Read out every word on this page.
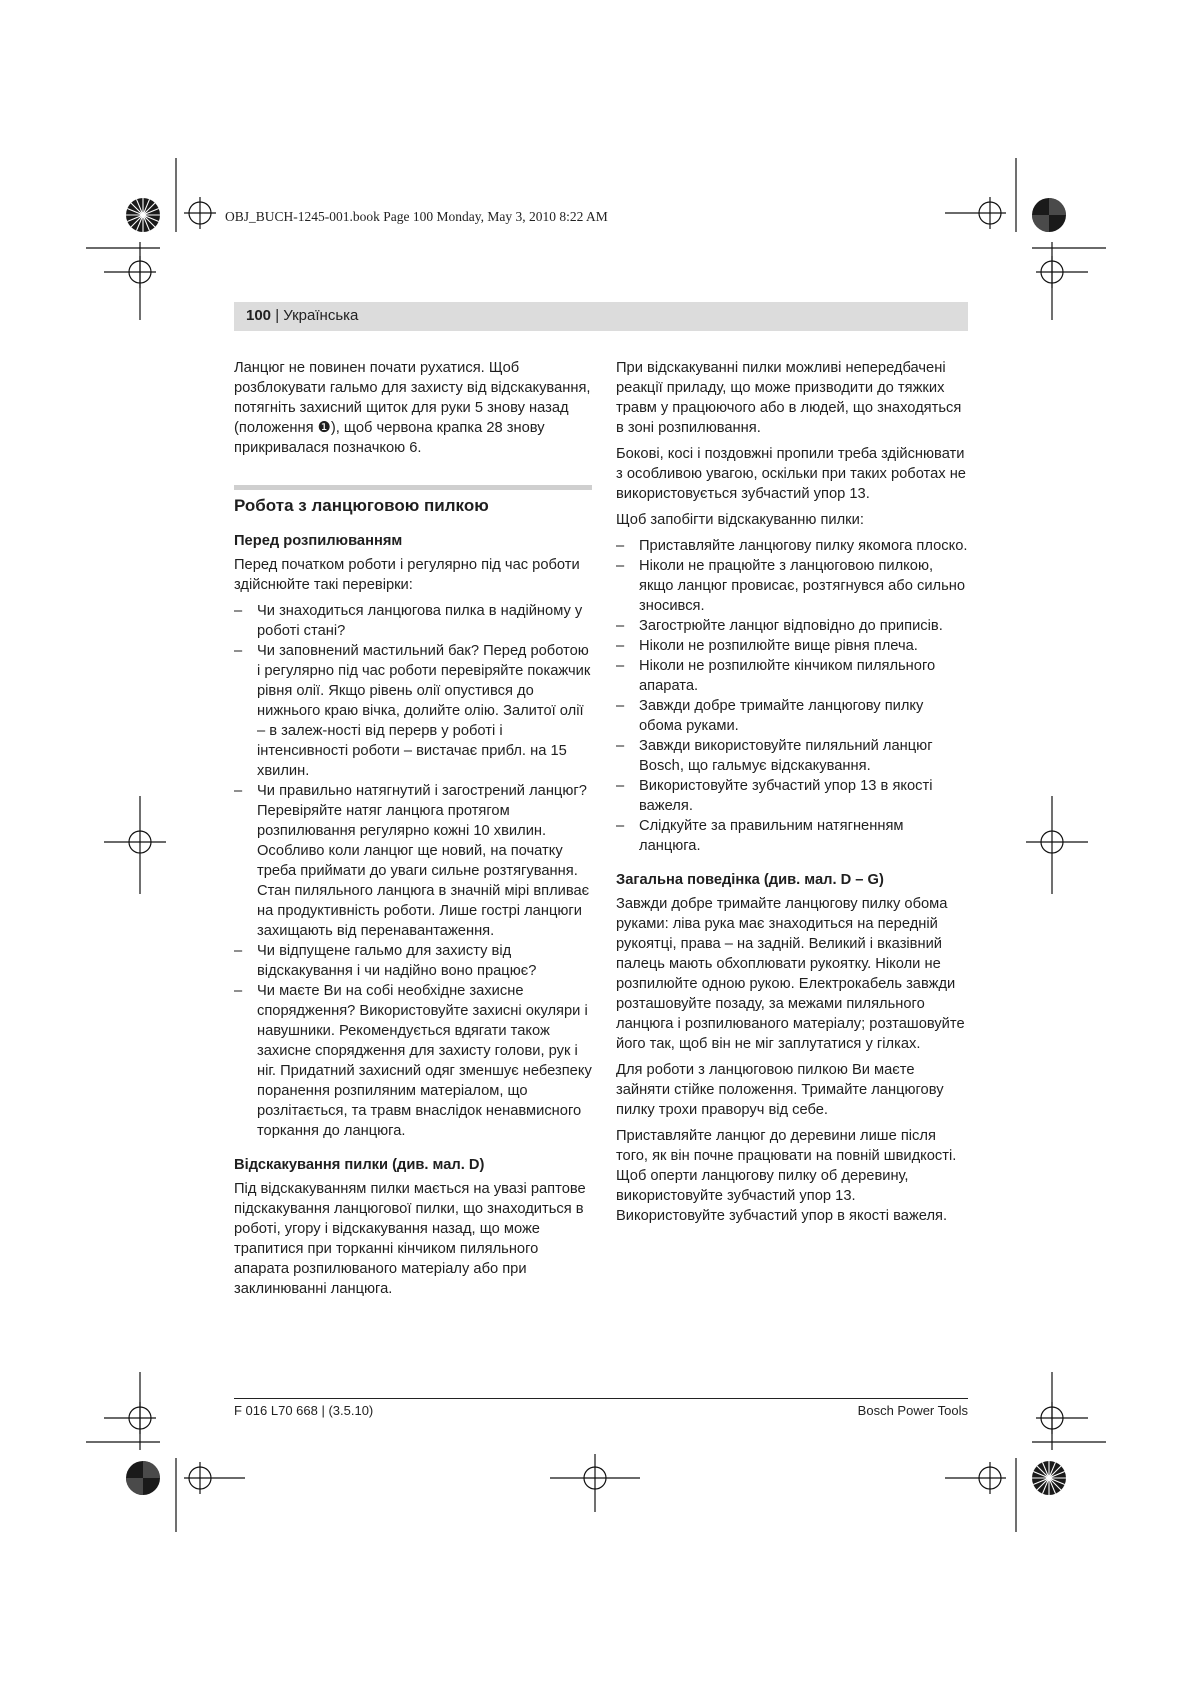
OBJ_BUCH-1245-001.book Page 100 Monday, May 3, 2010 8:22 AM
100 | Українська

Ланцюг не повинен почати рухатися. Щоб розблокувати гальмо для захисту від відскакування, потягніть захисний щиток для руки 5 знову назад (положення ❶), щоб червона крапка 28 знову прикривалася позначкою 6.

Робота з ланцюговою пилкою
Перед розпилюванням

Перед початком роботи і регулярно під час роботи здійснюйте такі перевірки:

– Чи знаходиться ланцюгова пилка в надійному у роботі стані?
– Чи заповнений мастильний бак? Перед роботою і регулярно під час роботи перевіряйте покажчик рівня олії. Якщо рівень олії опустився до нижнього краю вічка, долийте олію. Залитої олії – в залеж-ності від перерв у роботі і інтенсивності роботи – вистачає прибл. на 15 хвилин.
– Чи правильно натягнутий і загострений ланцюг? Перевіряйте натяг ланцюга протягом розпилювання регулярно кожні 10 хвилин. Особливо коли ланцюг ще новий, на початку треба приймати до уваги сильне розтягування. Стан пиляльного ланцюга в значній мірі впливає на продуктивність роботи. Лише гострі ланцюги захищають від перенавантаження.
– Чи відпущене гальмо для захисту від відскакування і чи надійно воно працює?
– Чи маєте Ви на собі необхідне захисне спорядження? Використовуйте захисні окуляри і навушники. Рекомендується вдягати також захисне спорядження для захисту голови, рук і ніг. Придатний захисний одяг зменшує небезпеку поранення розпиляним матеріалом, що розлітається, та травм внаслідок ненавмисного торкання до ланцюга.
Відскакування пилки (див. мал. D)

Під відскакуванням пилки мається на увазі раптове підскакування ланцюгової пилки, що знаходиться в роботі, угору і відскакування назад, що може трапитися при торканні кінчиком пиляльного апарата розпилюваного матеріалу або при заклинюванні ланцюга.

При відскакуванні пилки можливі непередбачені реакції приладу, що може призводити до тяжких травм у працюючого або в людей, що знаходяться в зоні розпилювання.

Бокові, косі і поздовжні пропили треба здійснювати з особливою увагою, оскільки при таких роботах не використовується зубчастий упор 13.

Щоб запобігти відскакуванню пилки:

– Приставляйте ланцюгову пилку якомога плоско.
– Ніколи не працюйте з ланцюговою пилкою, якщо ланцюг провисає, розтягнувся або сильно зносився.
– Загострюйте ланцюг відповідно до приписів.
– Ніколи не розпилюйте вище рівня плеча.
– Ніколи не розпилюйте кінчиком пиляльного апарата.
– Завжди добре тримайте ланцюгову пилку обома руками.
– Завжди використовуйте пиляльний ланцюг Bosch, що гальмує відскакування.
– Використовуйте зубчастий упор 13 в якості важеля.
– Слідкуйте за правильним натягненням ланцюга.
Загальна поведінка (див. мал. D – G)

Завжди добре тримайте ланцюгову пилку обома руками: ліва рука має знаходиться на передній рукоятці, права – на задній. Великий і вказівний палець мають обхоплювати рукоятку. Ніколи не розпилюйте одною рукою. Електрокабель завжди розташовуйте позаду, за межами пиляльного ланцюга і розпилюваного матеріалу; розташовуйте його так, щоб він не міг заплутатися у гілках.

Для роботи з ланцюговою пилкою Ви маєте зайняти стійке положення. Тримайте ланцюгову пилку трохи праворуч від себе.

Приставляйте ланцюг до деревини лише після того, як він почне працювати на повній швидкості. Щоб оперти ланцюгову пилку об деревину, використовуйте зубчастий упор 13. Використовуйте зубчастий упор в якості важеля.

F 016 L70 668 | (3.5.10)	Bosch Power Tools
